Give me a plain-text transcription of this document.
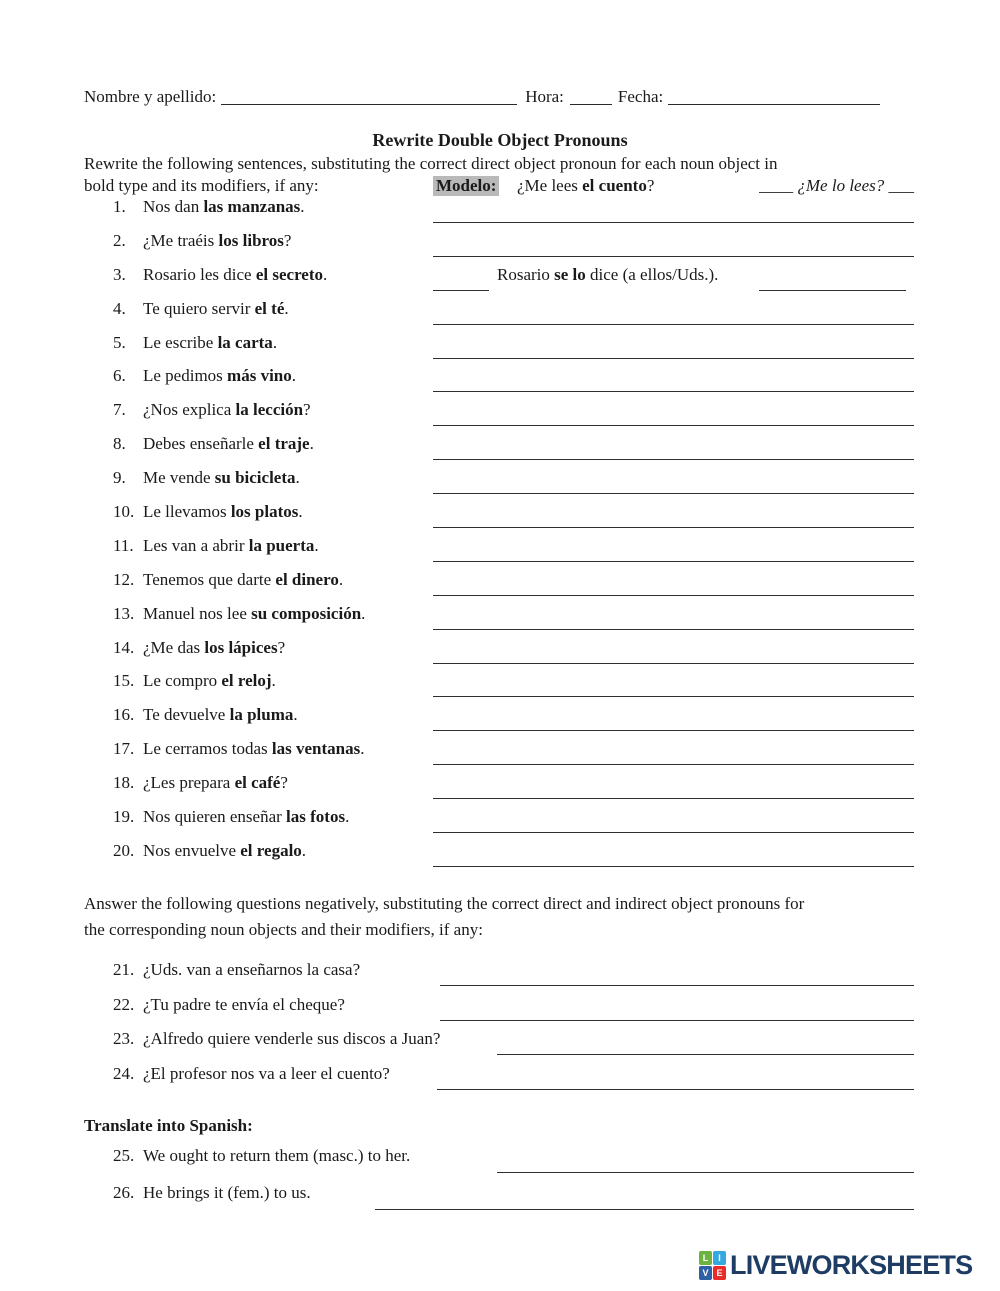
Nombre y apellido:	Hora:	Fecha:
Rewrite Double Object Pronouns
Rewrite the following sentences, substituting the correct direct object pronoun for each noun object in
bold type and its modifiers, if any:	Modelo: ¿Me lees el cuento?	____ ¿Me lo lees? ___
1. Nos dan las manzanas.
2. ¿Me traéis los libros?
3. Rosario les dice el secreto.	Rosario se lo dice (a ellos/Uds.).
4. Te quiero servir el té.
5. Le escribe la carta.
6. Le pedimos más vino.
7. ¿Nos explica la lección?
8. Debes enseñarle el traje.
9. Me vende su bicicleta.
10. Le llevamos los platos.
11. Les van a abrir la puerta.
12. Tenemos que darte el dinero.
13. Manuel nos lee su composición.
14. ¿Me das los lápices?
15. Le compro el reloj.
16. Te devuelve la pluma.
17. Le cerramos todas las ventanas.
18. ¿Les prepara el café?
19. Nos quieren enseñar las fotos.
20. Nos envuelve el regalo.
Answer the following questions negatively, substituting the correct direct and indirect object pronouns for
the corresponding noun objects and their modifiers, if any:
21. ¿Uds. van a enseñarnos la casa?
22. ¿Tu padre te envía el cheque?
23. ¿Alfredo quiere venderle sus discos a Juan?
24. ¿El profesor nos va a leer el cuento?
Translate into Spanish:
25. We ought to return them (masc.) to her.
26. He brings it (fem.) to us.
L	I
V E LIVEWORKSHEETS
